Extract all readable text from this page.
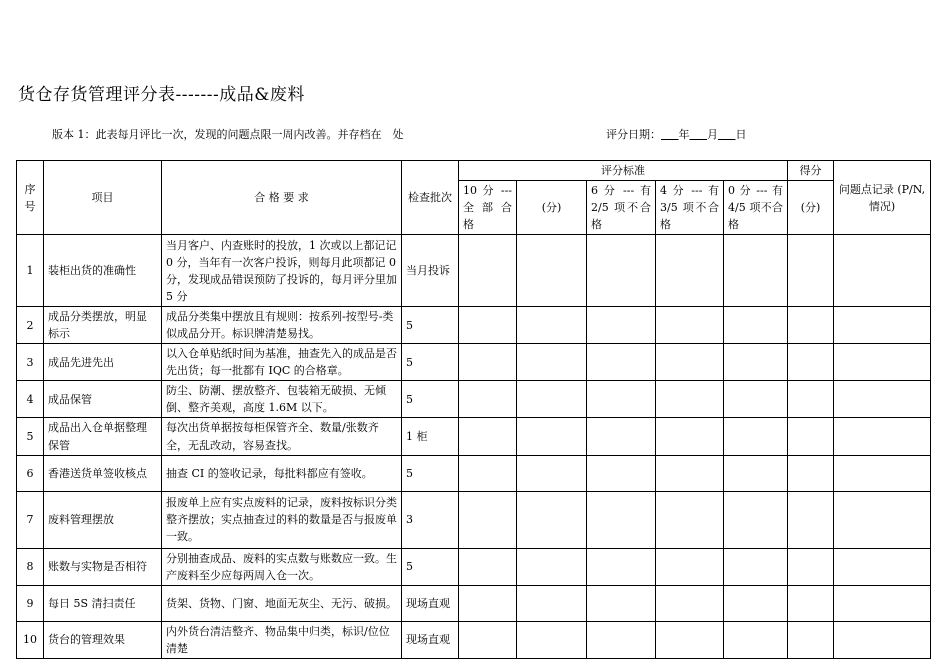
货仓存货管理评分表-------成品&废料
版本 1：此表每月评比一次，发现的问题点限一周内改善。并存档在　处	评分日期： 年 月 日
序号	项目	合 格 要 求	检查批次	评分标准					得分	问题点记录 (P/N,情况)
				10 分 ---全 部 合 格	(分)	6 分 --- 有 2/5 项不合格	4 分 --- 有 3/5 项不合格	0 分 --- 有 4/5 项不合格	(分)	
1	装柜出货的准确性	当月客户、内查账时的投放，1 次或以上都记记 0 分，当年有一次客户投诉，则每月此项都记 0 分，发现成品错误预防了投诉的，每月评分里加 5 分	当月投诉							
2	成品分类摆放，明显标示	成品分类集中摆放且有规则：按系列-按型号-类似成品分开。标识牌清楚易找。	5							
3	成品先进先出	以入仓单贴纸时间为基准，抽查先入的成品是否先出货；每一批都有 IQC 的合格章。	5							
4	成品保管	防尘、防潮、摆放整齐、包装箱无破损、无倾倒、整齐美观，高度 1.6M 以下。	5							
5	成品出入仓单据整理保管	每次出货单据按每柜保管齐全、数量/张数齐全，无乱改动，容易查找。	1 柜							
6	香港送货单签收核点	抽查 CI 的签收记录，每批料都应有签收。	5							
7	废料管理摆放	报废单上应有实点废料的记录，废料按标识分类整齐摆放；实点抽查过的料的数量是否与报废单一致。	3							
8	账数与实物是否相符	分别抽查成品、废料的实点数与账数应一致。生产废料至少应每两周入仓一次。	5							
9	每日 5S 清扫责任	货架、货物、门窗、地面无灰尘、无污、破损。	现场直观							
10	货台的管理效果	内外货台清洁整齐、物品集中归类，标识/位位清楚	现场直观							
